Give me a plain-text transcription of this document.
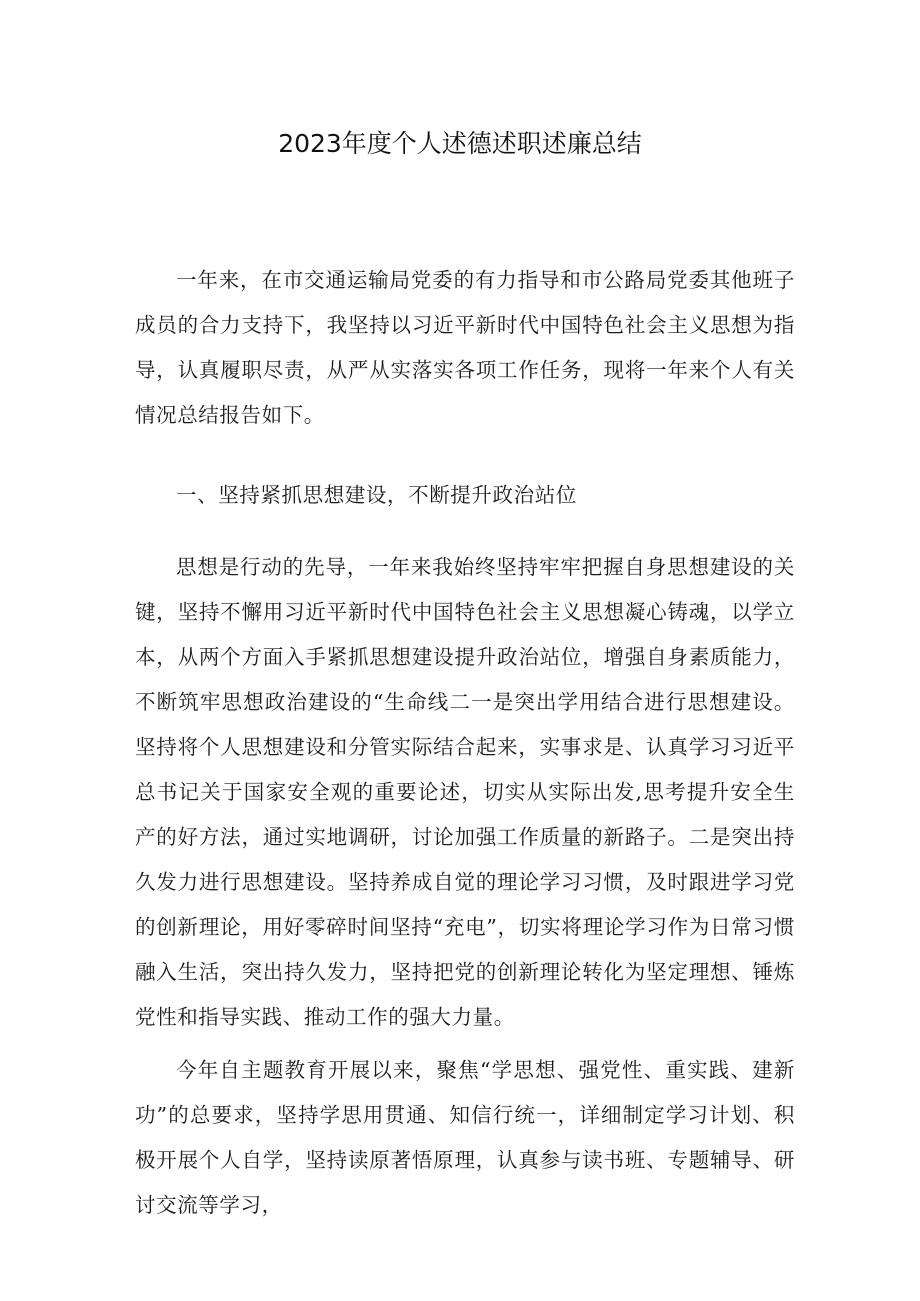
2023年度个人述德述职述廉总结

一年来，在市交通运输局党委的有力指导和市公路局党委其他班子成员的合力支持下，我坚持以习近平新时代中国特色社会主义思想为指导，认真履职尽责，从严从实落实各项工作任务，现将一年来个人有关情况总结报告如下。

一、坚持紧抓思想建设，不断提升政治站位

思想是行动的先导，一年来我始终坚持牢牢把握自身思想建设的关键，坚持不懈用习近平新时代中国特色社会主义思想凝心铸魂，以学立本，从两个方面入手紧抓思想建设提升政治站位，增强自身素质能力，不断筑牢思想政治建设的“生命线二一是突出学用结合进行思想建设。坚持将个人思想建设和分管实际结合起来，实事求是、认真学习习近平总书记关于国家安全观的重要论述，切实从实际出发,思考提升安全生产的好方法，通过实地调研，讨论加强工作质量的新路子。二是突出持久发力进行思想建设。坚持养成自觉的理论学习习惯，及时跟进学习党的创新理论，用好零碎时间坚持“充电”，切实将理论学习作为日常习惯融入生活，突出持久发力，坚持把党的创新理论转化为坚定理想、锤炼党性和指导实践、推动工作的强大力量。

今年自主题教育开展以来，聚焦“学思想、强党性、重实践、建新功”的总要求，坚持学思用贯通、知信行统一，详细制定学习计划、积极开展个人自学，坚持读原著悟原理，认真参与读书班、专题辅导、研讨交流等学习，
